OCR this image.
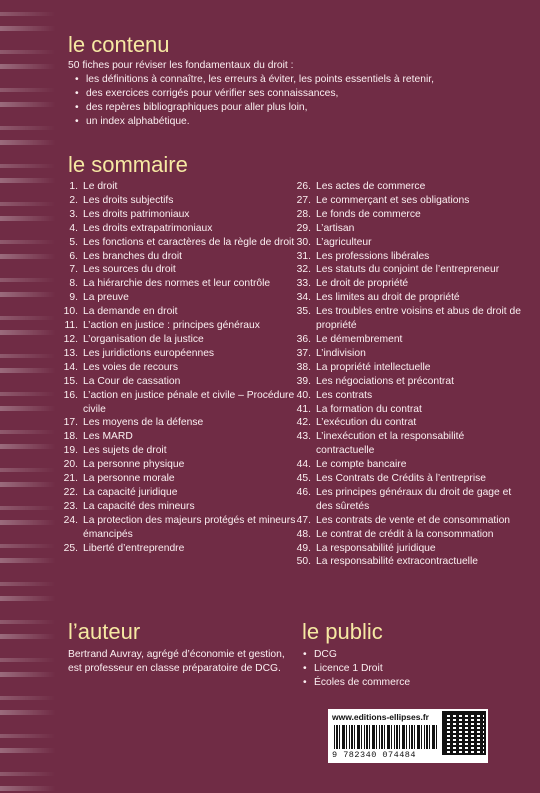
le contenu
50 fiches pour réviser les fondamentaux du droit :
• les définitions à connaître, les erreurs à éviter, les points essentiels à retenir,
• des exercices corrigés pour vérifier ses connaissances,
• des repères bibliographiques pour aller plus loin,
• un index alphabétique.
le sommaire
1. Le droit
2. Les droits subjectifs
3. Les droits patrimoniaux
4. Les droits extrapatrimoniaux
5. Les fonctions et caractères de la règle de droit
6. Les branches du droit
7. Les sources du droit
8. La hiérarchie des normes et leur contrôle
9. La preuve
10. La demande en droit
11. L’action en justice : principes généraux
12. L’organisation de la justice
13. Les juridictions européennes
14. Les voies de recours
15. La Cour de cassation
16. L’action en justice pénale et civile – Procédure civile
17. Les moyens de la défense
18. Les MARD
19. Les sujets de droit
20. La personne physique
21. La personne morale
22. La capacité juridique
23. La capacité des mineurs
24. La protection des majeurs protégés et mineurs émancipés
25. Liberté d’entreprendre
26. Les actes de commerce
27. Le commerçant et ses obligations
28. Le fonds de commerce
29. L’artisan
30. L’agriculteur
31. Les professions libérales
32. Les statuts du conjoint de l’entrepreneur
33. Le droit de propriété
34. Les limites au droit de propriété
35. Les troubles entre voisins et abus de droit de propriété
36. Le démembrement
37. L’indivision
38. La propriété intellectuelle
39. Les négociations et précontrat
40. Les contrats
41. La formation du contrat
42. L’exécution du contrat
43. L’inexécution et la responsabilité contractuelle
44. Le compte bancaire
45. Les Contrats de Crédits à l’entreprise
46. Les principes généraux du droit de gage et des sûretés
47. Les contrats de vente et de consommation
48. Le contrat de crédit à la consommation
49. La responsabilité juridique
50. La responsabilité extracontractuelle
l’auteur
Bertrand Auvray, agrégé d’économie et gestion, est professeur en classe préparatoire de DCG.
le public
• DCG
• Licence 1 Droit
• Écoles de commerce
www.editions-ellipses.fr
9 782340 074484
